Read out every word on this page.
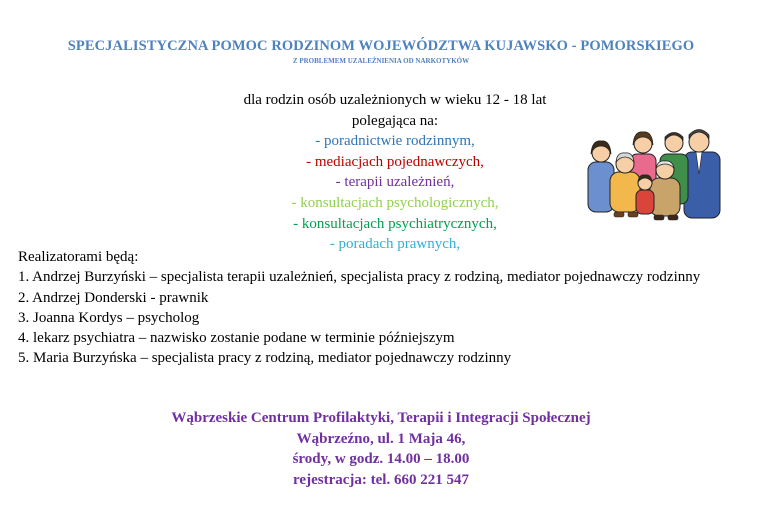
SPECJALISTYCZNA POMOC RODZINOM WOJEWÓDZTWA KUJAWSKO - POMORSKIEGO
Z PROBLEMEM UZALEŻNIENIA OD NARKOTYKÓW
dla rodzin osób uzależnionych w wieku 12 - 18 lat
polegająca na:
- poradnictwie rodzinnym,
- mediacjach pojednawczych,
- terapii uzależnień,
- konsultacjach psychologicznych,
- konsultacjach psychiatrycznych,
- poradach prawnych,
Realizatorami będą:
1. Andrzej Burzyński – specjalista terapii uzależnień, specjalista pracy z rodziną, mediator pojednawczy rodzinny
2. Andrzej Donderski - prawnik
3. Joanna Kordys – psycholog
4. lekarz psychiatra – nazwisko zostanie podane w terminie późniejszym
5. Maria Burzyńska – specjalista pracy z rodziną, mediator pojednawczy rodzinny
Wąbrzeskie Centrum Profilaktyki, Terapii i Integracji Społecznej
Wąbrzeźno, ul. 1 Maja 46,
środy, w godz. 14.00 – 18.00
rejestracja: tel. 660 221 547
